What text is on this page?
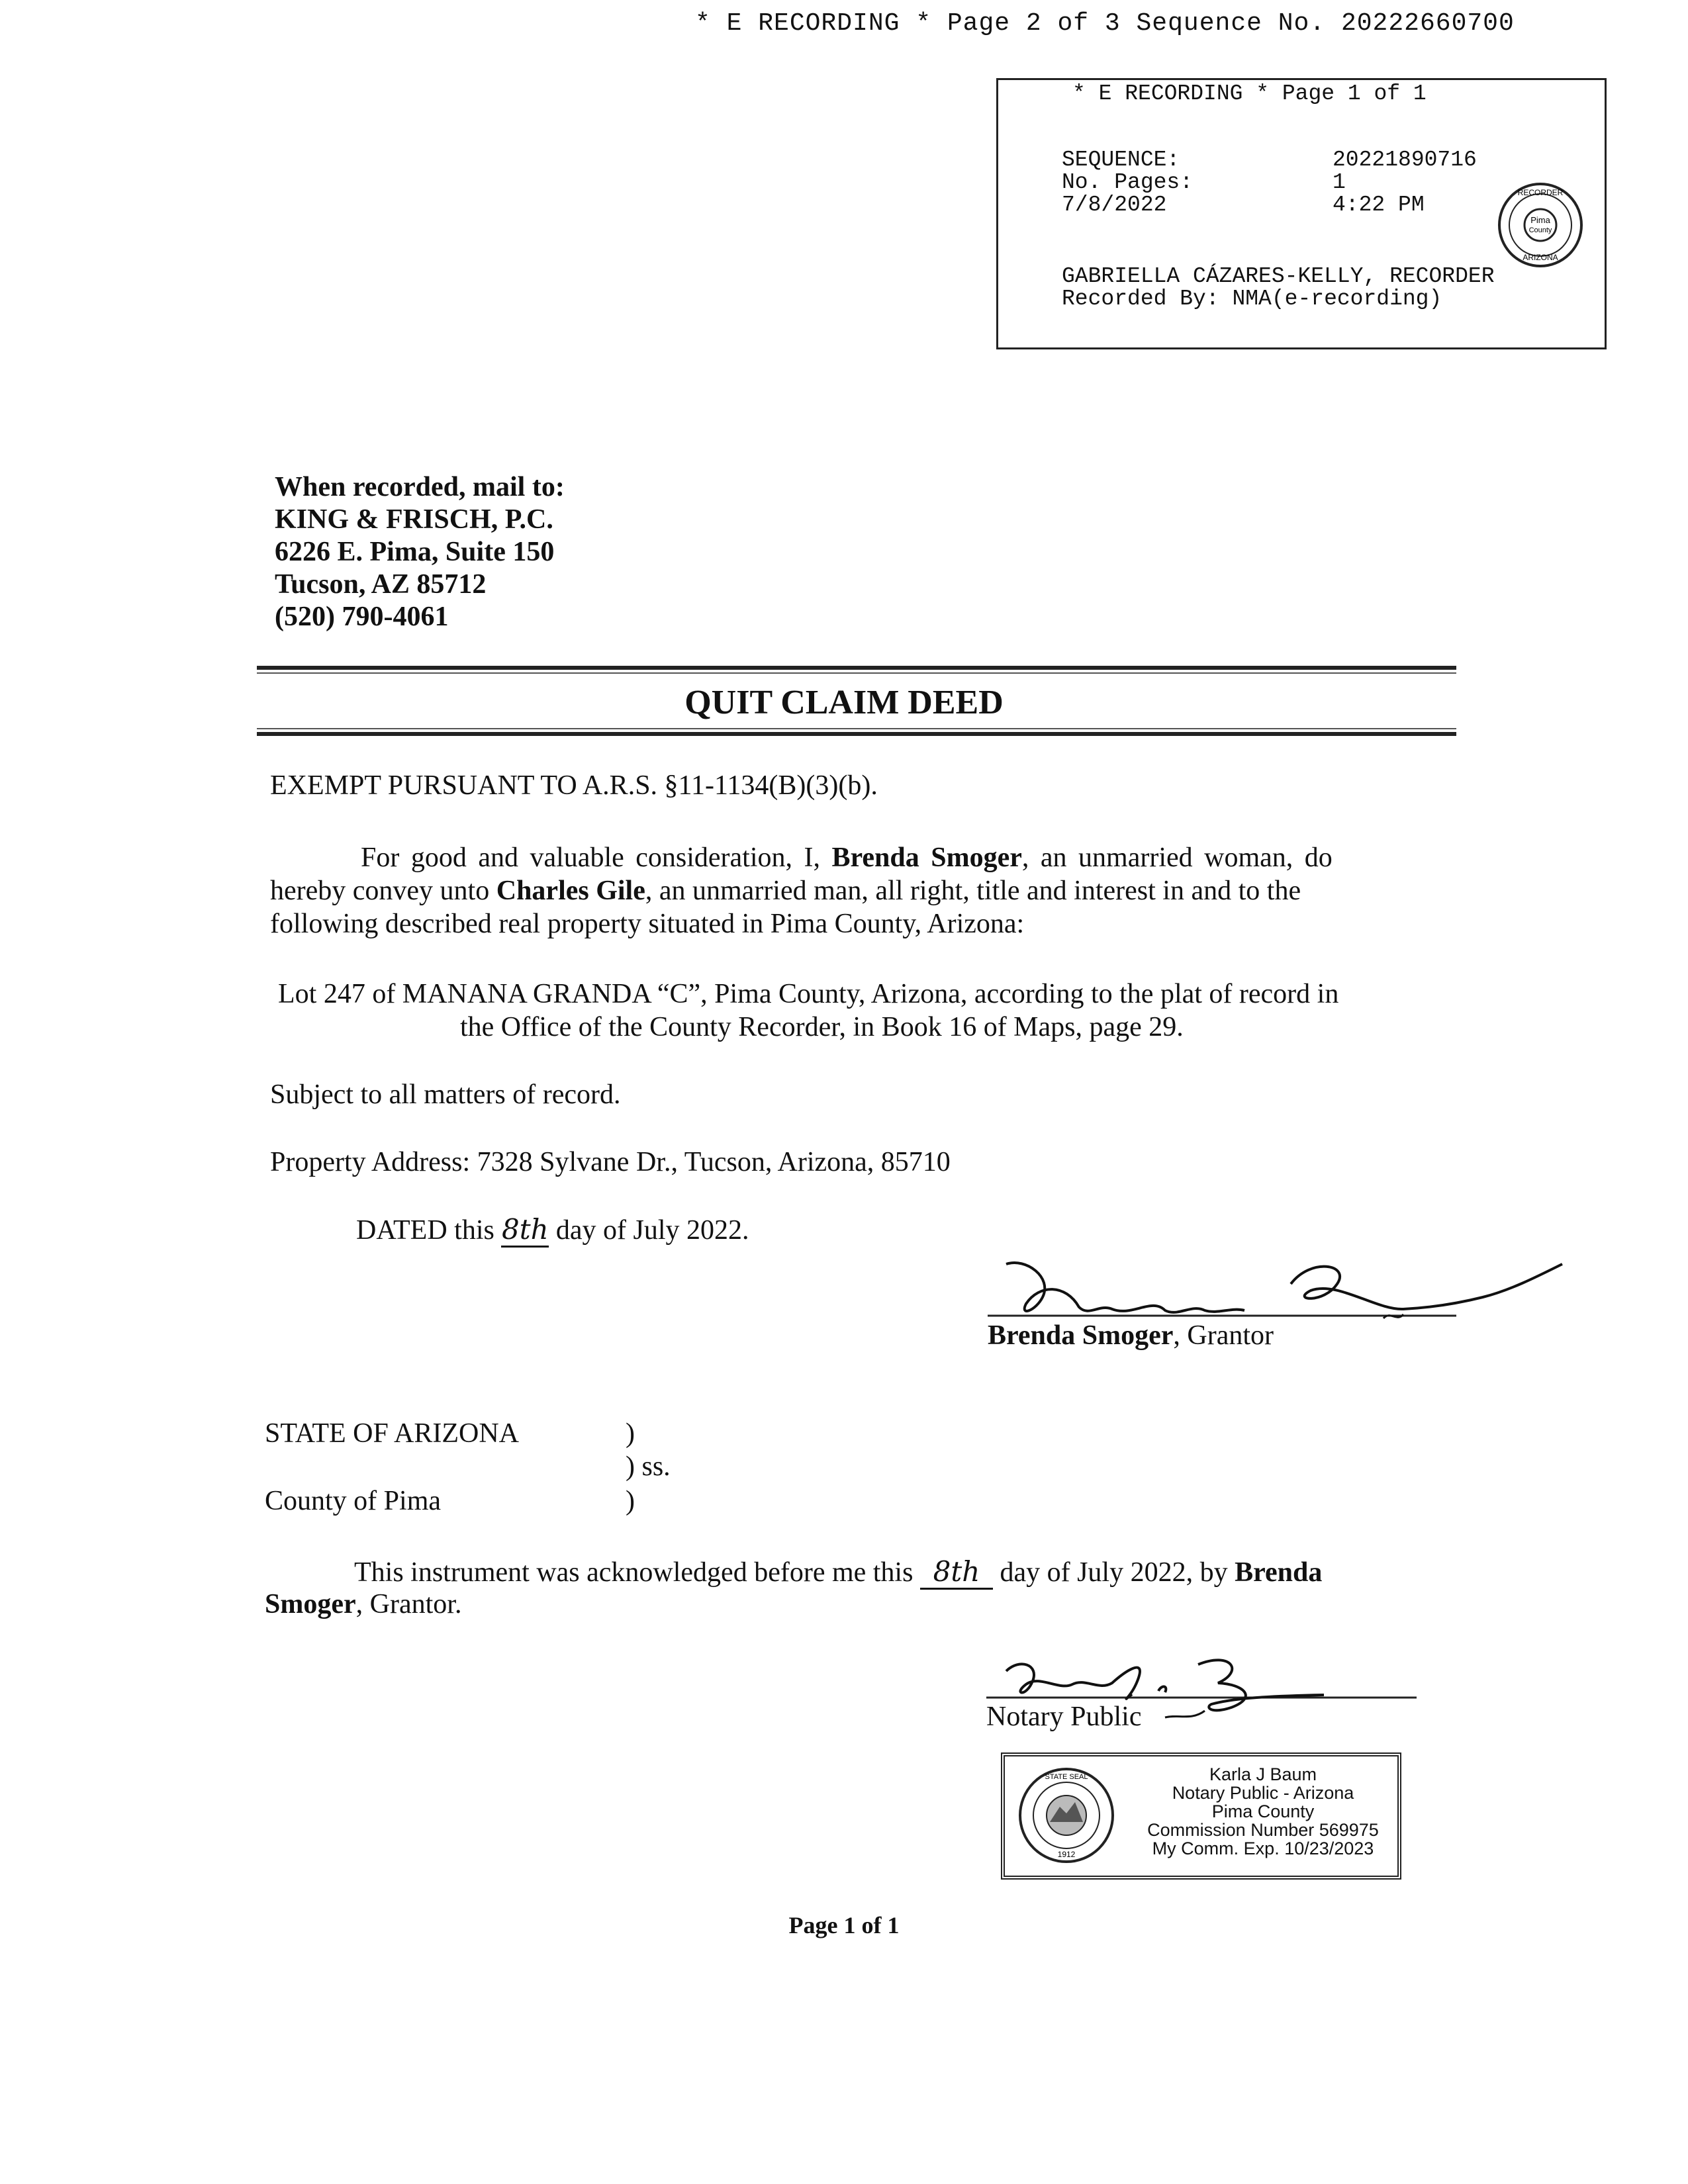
* E RECORDING * Page 2 of 3 Sequence No. 20222660700
* E RECORDING * Page 1 of 1
SEQUENCE:	20221890716
No. Pages:	1
7/8/2022	4:22 PM
GABRIELLA CÁZARES-KELLY, RECORDER
Recorded By: NMA(e-recording)
Pima
County
RECORDER
ARIZONA
When recorded, mail to:
KING & FRISCH, P.C.
6226 E. Pima, Suite 150
Tucson, AZ 85712
(520) 790-4061
QUIT CLAIM DEED
EXEMPT PURSUANT TO A.R.S. §11-1134(B)(3)(b).
For good and valuable consideration, I, Brenda Smoger, an unmarried woman, do
hereby convey unto Charles Gile, an unmarried man, all right, title and interest in and to the
following described real property situated in Pima County, Arizona:
Lot 247 of MANANA GRANDA “C”, Pima County, Arizona, according to the plat of record in
the Office of the County Recorder, in Book 16 of Maps, page 29.
Subject to all matters of record.
Property Address: 7328 Sylvane Dr., Tucson, Arizona, 85710
DATED this 8th day of July 2022.
Brenda Smoger, Grantor
STATE OF ARIZONA	)
) ss.
County of Pima	)
This instrument was acknowledged before me this 8th day of July 2022, by Brenda
Smoger, Grantor.
Notary Public
STATE SEAL
1912
Karla J Baum
Notary Public - Arizona
Pima County
Commission Number 569975
My Comm. Exp. 10/23/2023
Page 1 of 1
